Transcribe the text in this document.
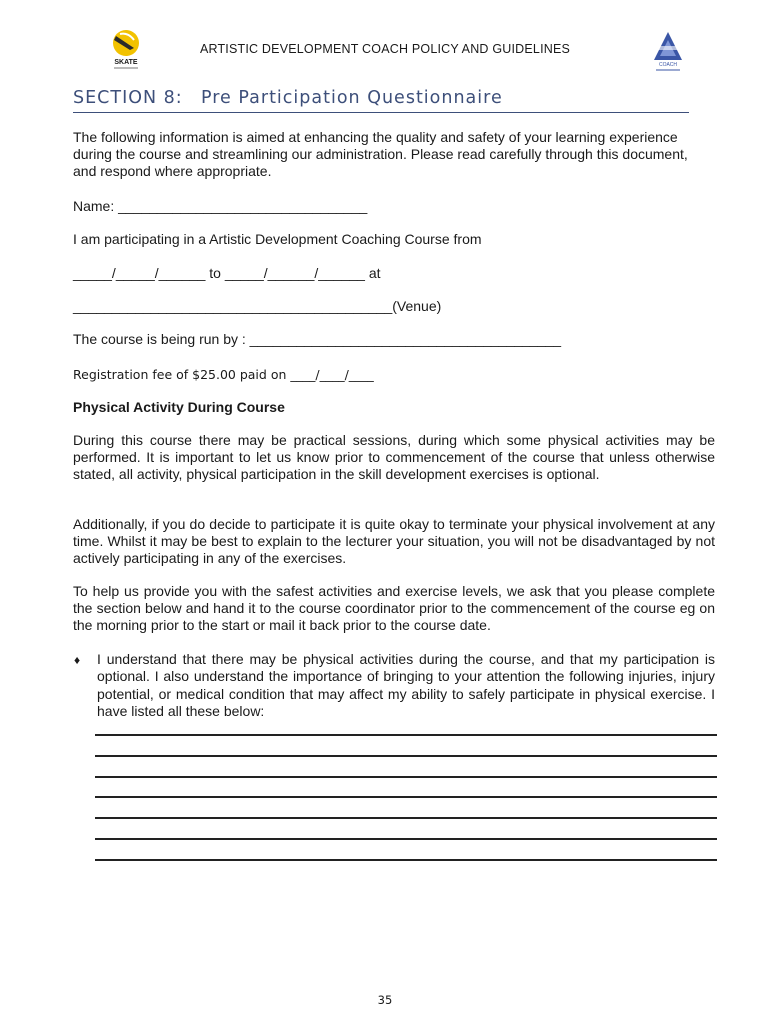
SKATE
ARTISTIC DEVELOPMENT COACH POLICY AND GUIDELINES
COACH
SECTION 8: Pre Participation Questionnaire
The following information is aimed at enhancing the quality and safety of your learning experience during the course and streamlining our administration. Please read carefully through this document, and respond where appropriate.
Name: ________________________________
I am participating in a Artistic Development Coaching Course from
_____/_____/______ to _____/______/______ at
_________________________________________(Venue)
The course is being run by : ________________________________________
Registration fee of $25.00 paid on ____/____/____
Physical Activity During Course
During this course there may be practical sessions, during which some physical activities may be performed. It is important to let us know prior to commencement of the course that unless otherwise stated, all activity, physical participation in the skill development exercises is optional.
Additionally, if you do decide to participate it is quite okay to terminate your physical involvement at any time. Whilst it may be best to explain to the lecturer your situation, you will not be disadvantaged by not actively participating in any of the exercises.
To help us provide you with the safest activities and exercise levels, we ask that you please complete the section below and hand it to the course coordinator prior to the commencement of the course eg on the morning prior to the start or mail it back prior to the course date.
♦ I understand that there may be physical activities during the course, and that my participation is optional. I also understand the importance of bringing to your attention the following injuries, injury potential, or medical condition that may affect my ability to safely participate in physical exercise. I have listed all these below:
35
